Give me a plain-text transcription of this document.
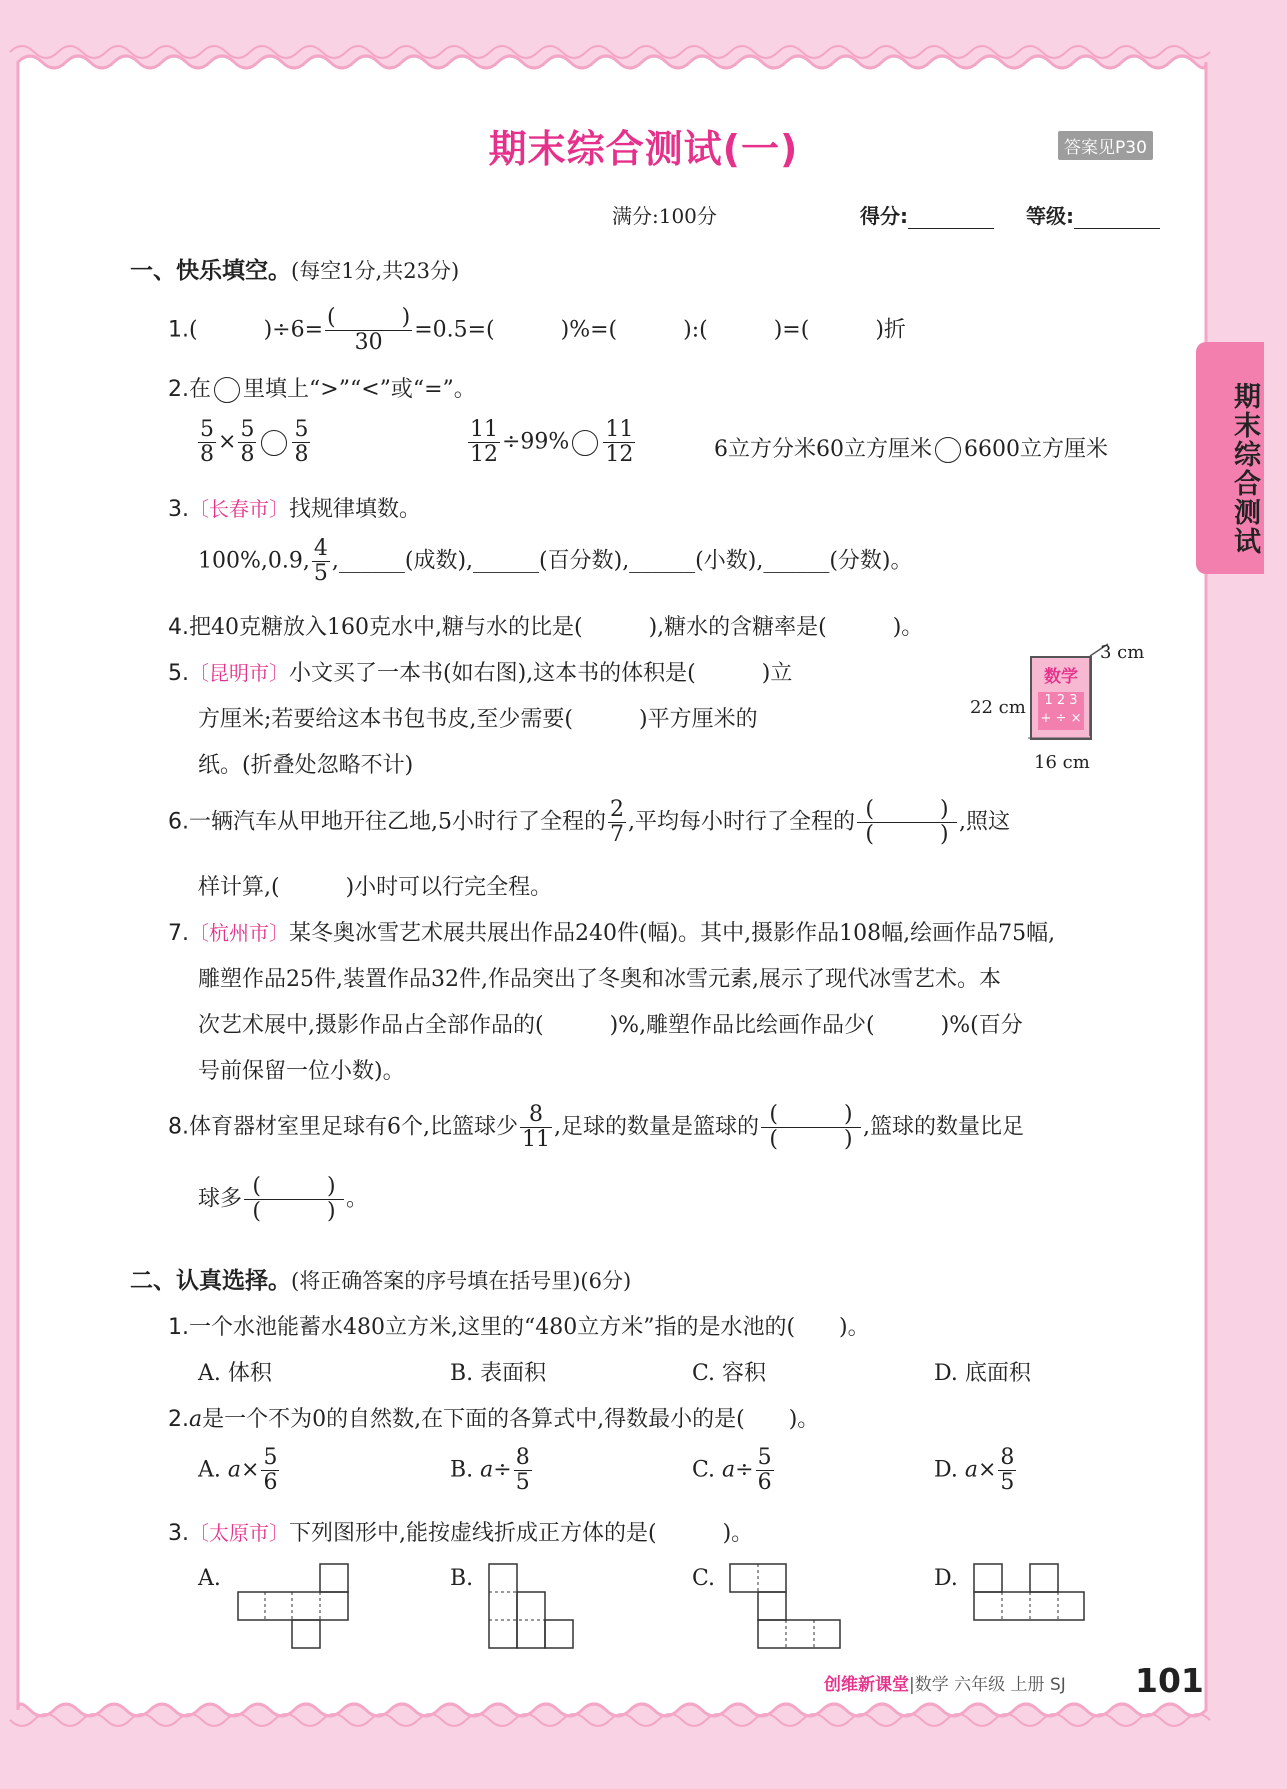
期末综合测试
期末综合测试(一)	答案见P30
满分:100分	得分:	等级:
一、快乐填空。(每空1分,共23分)
1.(　　　)$\div 6= \frac{( )}{30} =0.5=$(　　　)%=(　　　):(　　　)=(　　　)折
2.在 里填上“>”“<”或“=”。
$\frac{5}{8} \times \frac{5}{8} \frac{5}{8}$	$\frac{11}{12} \div 99\% \frac{11}{12}$	6立方分米60立方厘米 6600立方厘米
3.〔长春市〕找规律填数。
100%,0.9, $\frac{4}{5}$ ,______(成数),______(百分数),______(小数),______(分数)。
4.把40克糖放入160克水中,糖与水的比是(　　　),糖水的含糖率是(　　　)。
5.〔昆明市〕小文买了一本书(如右图),这本书的体积是(　　　)立
方厘米;若要给这本书包书皮,至少需要(　　　)平方厘米的
纸。(折叠处忽略不计)
数学
1 2 3
+ ÷ ×
3 cm
22 cm
16 cm
6.一辆汽车从甲地开往乙地,5小时行了全程的 $\frac{2}{7}$ ,平均每小时行了全程的 $\frac{( )}{( )}$ ,照这
样计算,(　　　)小时可以行完全程。
7.〔杭州市〕某冬奥冰雪艺术展共展出作品240件(幅)。其中,摄影作品108幅,绘画作品75幅,
雕塑作品25件,装置作品32件,作品突出了冬奥和冰雪元素,展示了现代冰雪艺术。本
次艺术展中,摄影作品占全部作品的(　　　)%,雕塑作品比绘画作品少(　　　)%(百分
号前保留一位小数)。
8.体育器材室里足球有6个,比篮球少 $\frac{8}{11}$ ,足球的数量是篮球的 $\frac{( )}{( )}$ ,篮球的数量比足
球多 $\frac{( )}{( )}$ 。
二、认真选择。(将正确答案的序号填在括号里)(6分)
1.一个水池能蓄水480立方米,这里的“480立方米”指的是水池的(　　)。
A. 体积	B. 表面积	C. 容积	D. 底面积
2.a是一个不为0的自然数,在下面的各算式中,得数最小的是(　　)。
A. $a\times \frac{5}{6}$	B. $a\div \frac{8}{5}$	C. $a\div \frac{5}{6}$	D. $a\times \frac{8}{5}$
3.〔太原市〕下列图形中,能按虚线折成正方体的是(　　　)。
A.	B.	C.	D.
创维新课堂|数学 六年级 上册 SJ 101
